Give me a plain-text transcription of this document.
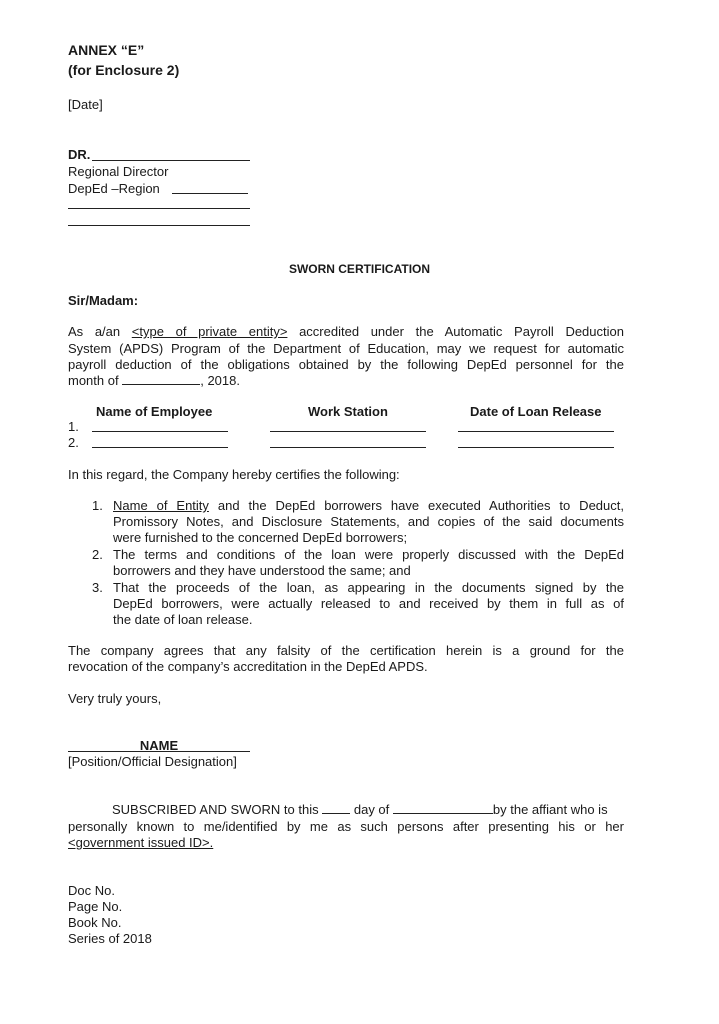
ANNEX “E”
(for Enclosure 2)
[Date]
DR.
Regional Director
DepEd –Region
SWORN CERTIFICATION
Sir/Madam:
As a/an <type of private entity> accredited under the Automatic Payroll Deduction
System (APDS) Program of the Department of Education, may we request for automatic
payroll deduction of the obligations obtained by the following DepEd personnel for the
month of	, 2018.
Name of Employee	Work Station	Date of Loan Release
1.
2.
In this regard, the Company hereby certifies the following:
1. Name of Entity and the DepEd borrowers have executed Authorities to Deduct,
Promissory Notes, and Disclosure Statements, and copies of the said documents
were furnished to the concerned DepEd borrowers;
2. The terms and conditions of the loan were properly discussed with the DepEd
borrowers and they have understood the same; and
3. That the proceeds of the loan, as appearing in the documents signed by the
DepEd borrowers, were actually released to and received by them in full as of
the date of loan release.
The company agrees that any falsity of the certification herein is a ground for the
revocation of the company’s accreditation in the DepEd APDS.
Very truly yours,
NAME
[Position/Official Designation]
SUBSCRIBED AND SWORN to this	day of	by the affiant who is
personally known to me/identified by me as such persons after presenting his or her
<government issued ID>.
Doc No.
Page No.
Book No.
Series of 2018
